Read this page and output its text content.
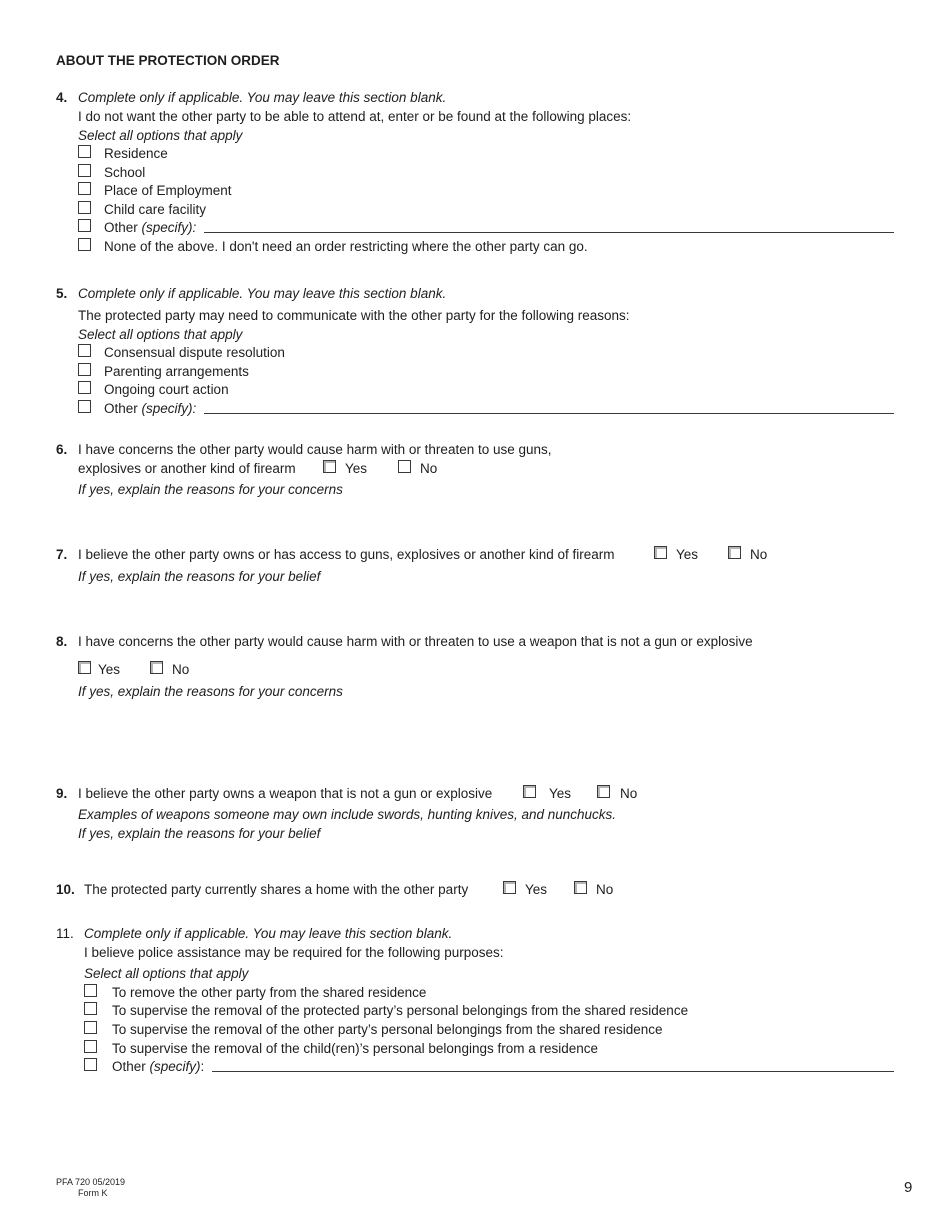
ABOUT THE PROTECTION ORDER
4. Complete only if applicable. You may leave this section blank.
I do not want the other party to be able to attend at, enter or be found at the following places:
Select all options that apply
Residence
School
Place of Employment
Child care facility
Other (specify):
None of the above. I don't need an order restricting where the other party can go.
5. Complete only if applicable. You may leave this section blank.
The protected party may need to communicate with the other party for the following reasons:
Select all options that apply
Consensual dispute resolution
Parenting arrangements
Ongoing court action
Other (specify):
6. I have concerns the other party would cause harm with or threaten to use guns,
explosives or another kind of firearm	Yes	No
If yes, explain the reasons for your concerns
7. I believe the other party owns or has access to guns, explosives or another kind of firearm	Yes	No
If yes, explain the reasons for your belief
8. I have concerns the other party would cause harm with or threaten to use a weapon that is not a gun or explosive
Yes	No
If yes, explain the reasons for your concerns
9. I believe the other party owns a weapon that is not a gun or explosive	Yes	No
Examples of weapons someone may own include swords, hunting knives, and nunchucks.
If yes, explain the reasons for your belief
10. The protected party currently shares a home with the other party	Yes	No
11. Complete only if applicable. You may leave this section blank.
I believe police assistance may be required for the following purposes:
Select all options that apply
To remove the other party from the shared residence
To supervise the removal of the protected party’s personal belongings from the shared residence
To supervise the removal of the other party’s personal belongings from the shared residence
To supervise the removal of the child(ren)’s personal belongings from a residence
Other (specify):
PFA 720 05/2019
Form K	9
